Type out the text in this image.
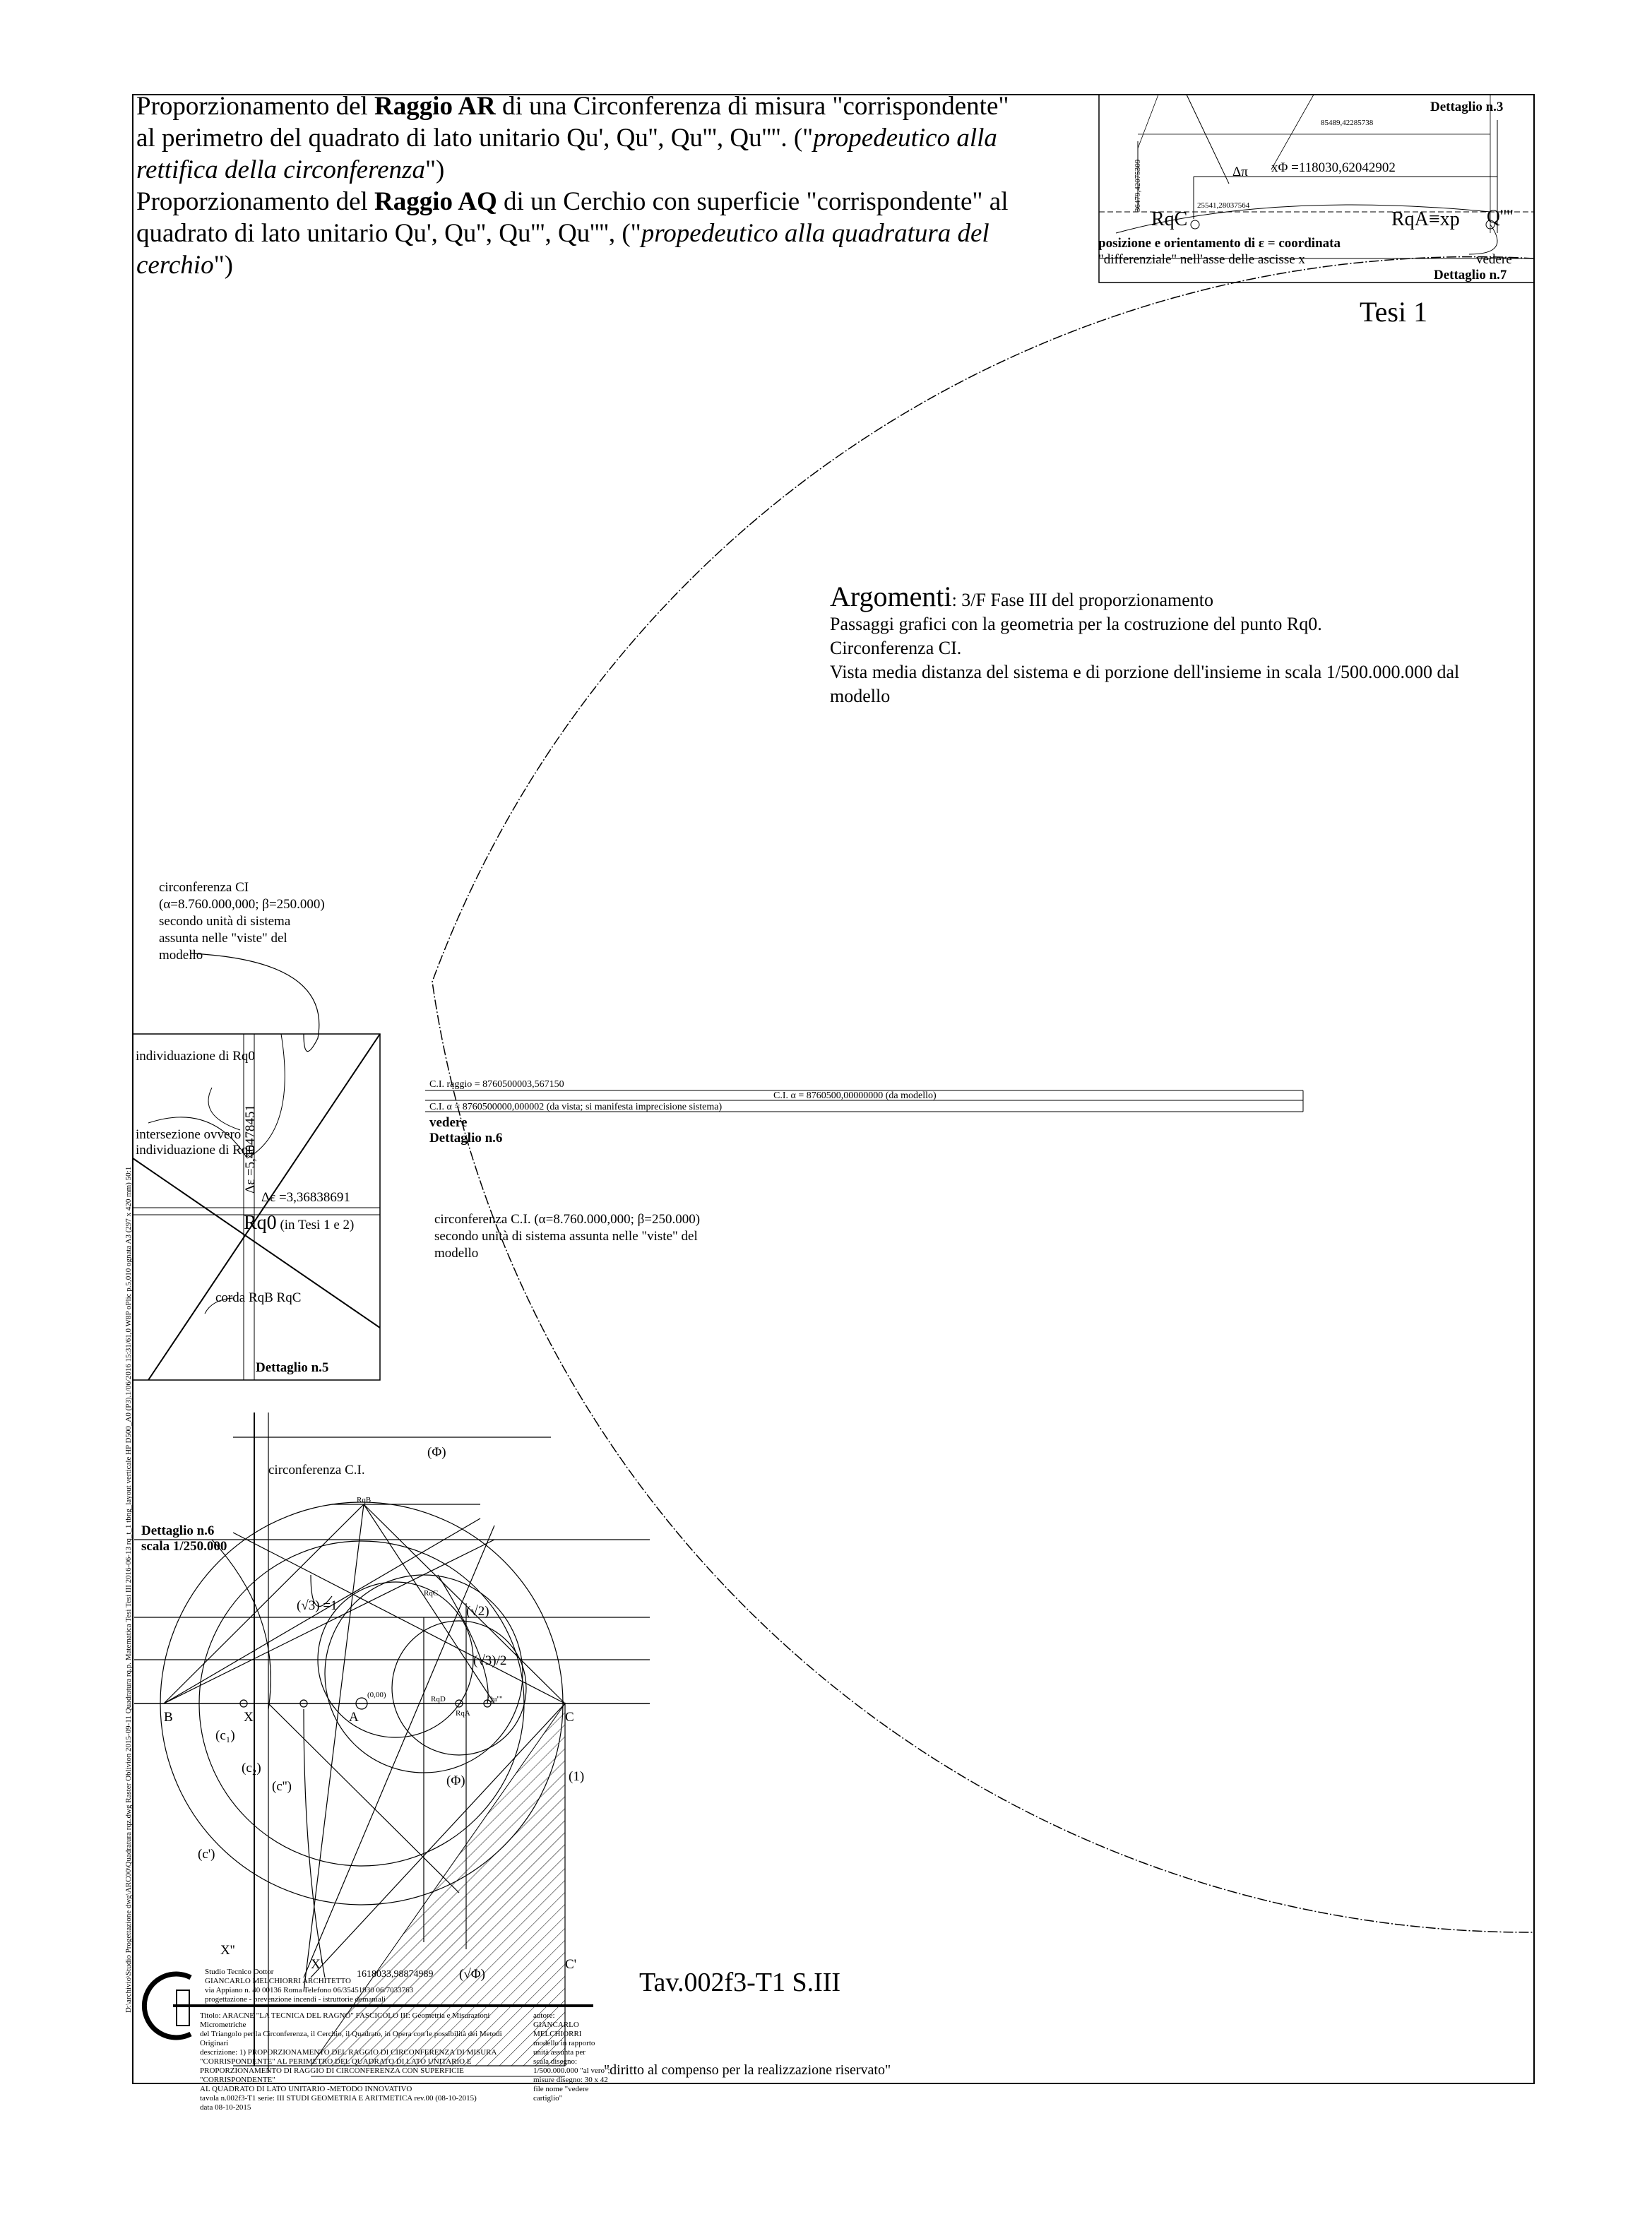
Proporzionamento del Raggio AR di una Circonferenza di misura "corrispondente"
al perimetro del quadrato di lato unitario Qu', Qu'', Qu''', Qu''''. ("propedeutico alla
rettifica della circonferenza")
Proporzionamento del Raggio AQ di un Cerchio con superficie "corrispondente" al
quadrato di lato unitario Qu', Qu'', Qu''', Qu'''', ("propedeutico alla quadratura del
cerchio")
Dettaglio n.3
Δπ
85489,42285738
xΦ =118030,62042902
36479,42075309	25541,28037564
RqC	RqA≡xp Q''''
posizione e orientamento di ε = coordinata
"differenziale" nell'asse delle ascisse x	vedere
Dettaglio n.7
Tesi 1
Argomenti: 3/F Fase III del proporzionamento
Passaggi grafici con la geometria per la costruzione del punto Rq0.
Circonferenza CI.
Vista media distanza del sistema e di porzione dell'insieme in scala 1/500.000.000 dal
modello
circonferenza CI
(α=8.760.000,000; β=250.000)
secondo unità di sistema
assunta nelle "viste" del
modello
individuazione di Rq0
intersezione ovvero
individuazione di Rq0
Δε =5,40478451
Δε =3,36838691
Rq0 (in Tesi 1 e 2)
corda RqB RqC
Dettaglio n.5
C.I. raggio = 8760500003,567150
C.I. α = 8760500,00000000 (da modello)
C.I. α = 8760500000,000002 (da vista; si manifesta imprecisione sistema)
vedere
Dettaglio n.6
circonferenza C.I. (α=8.760.000,000; β=250.000)
secondo unità di sistema assunta nelle "viste" del
modello
circonferenza C.I.
(Φ)
Dettaglio n.6
scala 1/250.000
RqB
(√3) =1	(√2)
(√3)/2
(0,00)
RqA
RqD
RqC
Qu''''
B	X	A	C
(c₁)
(c₂)
(c'')
(c')
(1)
(Φ)
X''
X'	C'
(√Φ)
1618033,98874989	Tav.002f3-T1 S.III
Studio Tecnico Dottor
GIANCARLO MELCHIORRI ARCHITETTO
via Appiano n. 40 00136 Roma Telefono 06/35451930 06/7033763
progettazione - prevenzione incendi - istruttorie demaniali
Titolo: ARACNE "LA TECNICA DEL RAGNO" FASCICOLO III: Geometria e Misurazioni Micrometriche
del Triangolo per la Circonferenza, il Cerchio, il Quadrato, in Opera con le possibilità dei Metodi Originari
descrizione: 1) PROPORZIONAMENTO DEL RAGGIO DI CIRCONFERENZA DI MISURA
"CORRISPONDENTE" AL PERIMETRO DEL QUADRATO DI LATO UNITARIO E
PROPORZIONAMENTO DI RAGGIO DI CIRCONFERENZA CON SUPERFICIE "CORRISPONDENTE"
AL QUADRATO DI LATO UNITARIO -METODO INNOVATIVO
tavola n.002f3-T1 serie: III STUDI GEOMETRIA E ARITMETICA rev.00 (08-10-2015)
data 08-10-2015
autore:
GIANCARLO MELCHIORRI
modello in rapporto unità assunta per
scala disegno:
1/500.000.000 "al vero";
misure disegno: 30 x 42
file nome "vedere cartiglio"
"diritto al compenso per la realizzazione riservato"
D:\archivio\Studio Progettazione dwg\ARC00\Quadratura rqz.dwg Raster Oblivion 2015-09-11 Quadratura rq.p. Matematica Tesi Tesi III 2016-06-13 rq_t_1 tbng_layout verticale HP D500_A0 (P3).1/06/2016 15:31/61,0 W8P oPlic p.5,010 ognata A3 (297 x 420 mm) 50:1
